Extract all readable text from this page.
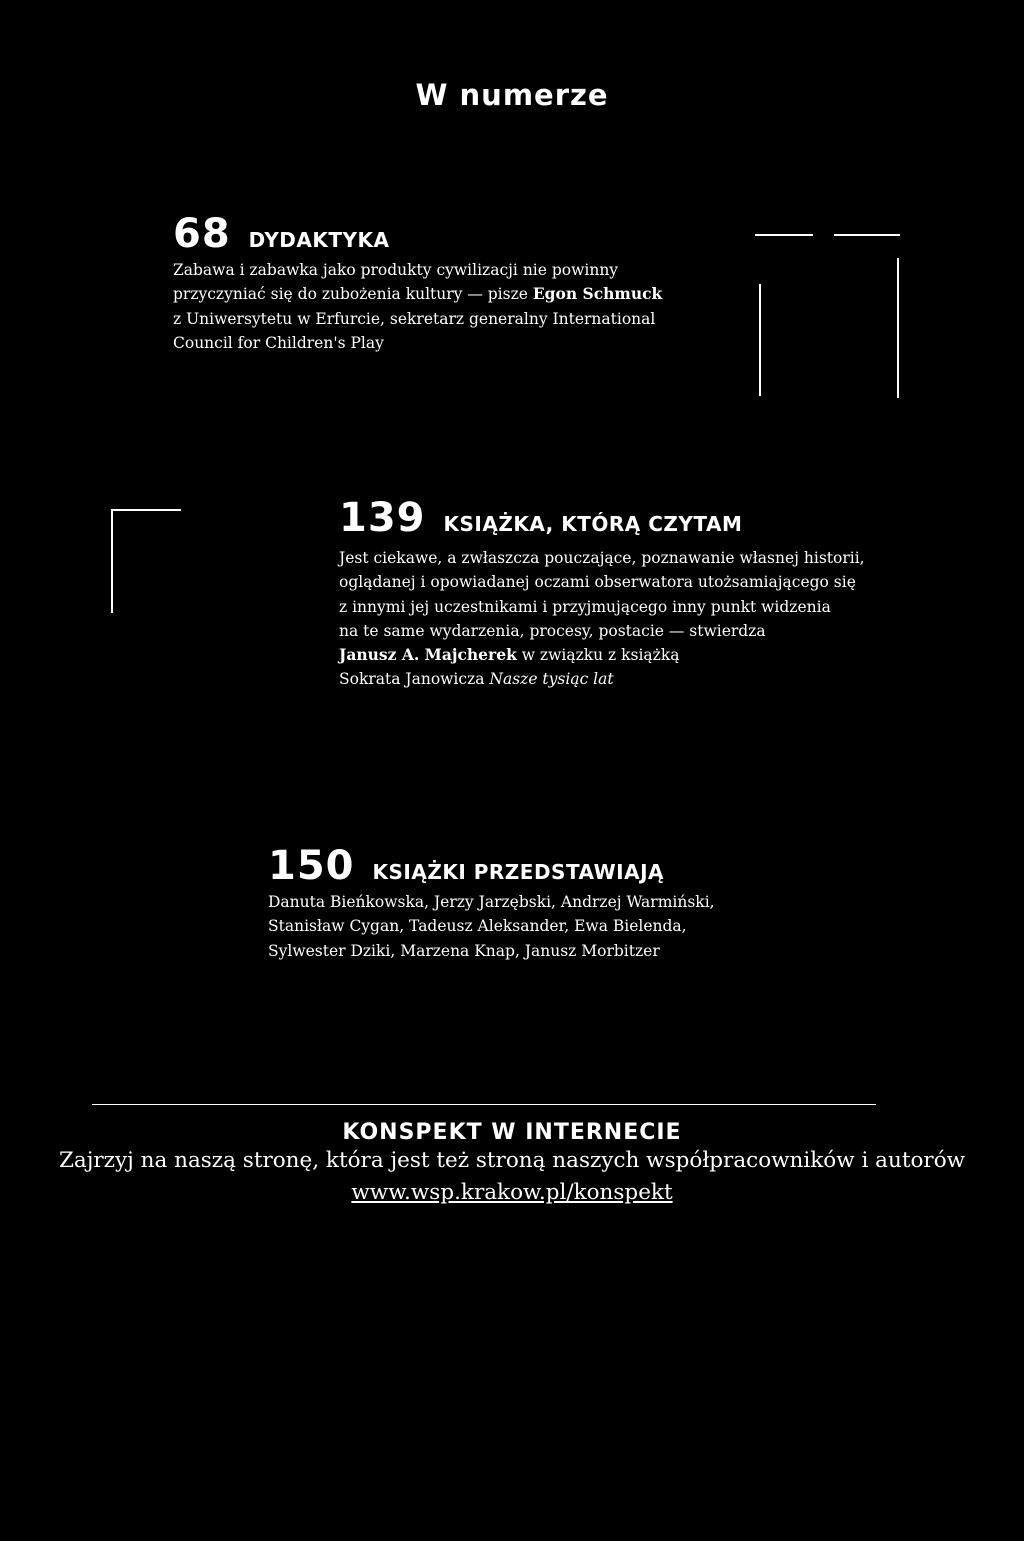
W numerze
68 DYDAKTYKA
Zabawa i zabawka jako produkty cywilizacji nie powinny
przyczyniać się do zubożenia kultury — pisze Egon Schmuck
z Uniwersytetu w Erfurcie, sekretarz generalny International
Council for Children's Play
139 KSIĄŻKA, KTÓRĄ CZYTAM
Jest ciekawe, a zwłaszcza pouczające, poznawanie własnej historii,
oglądanej i opowiadanej oczami obserwatora utożsamiającego się
z innymi jej uczestnikami i przyjmującego inny punkt widzenia
na te same wydarzenia, procesy, postacie — stwierdza
Janusz A. Majcherek w związku z książką
Sokrata Janowicza Nasze tysiąc lat
150 KSIĄŻKI PRZEDSTAWIAJĄ
Danuta Bieńkowska, Jerzy Jarzębski, Andrzej Warmiński,
Stanisław Cygan, Tadeusz Aleksander, Ewa Bielenda,
Sylwester Dziki, Marzena Knap, Janusz Morbitzer
KONSPEKT W INTERNECIE
Zajrzyj na naszą stronę, która jest też stroną naszych współpracowników i autorów
www.wsp.krakow.pl/konspekt
